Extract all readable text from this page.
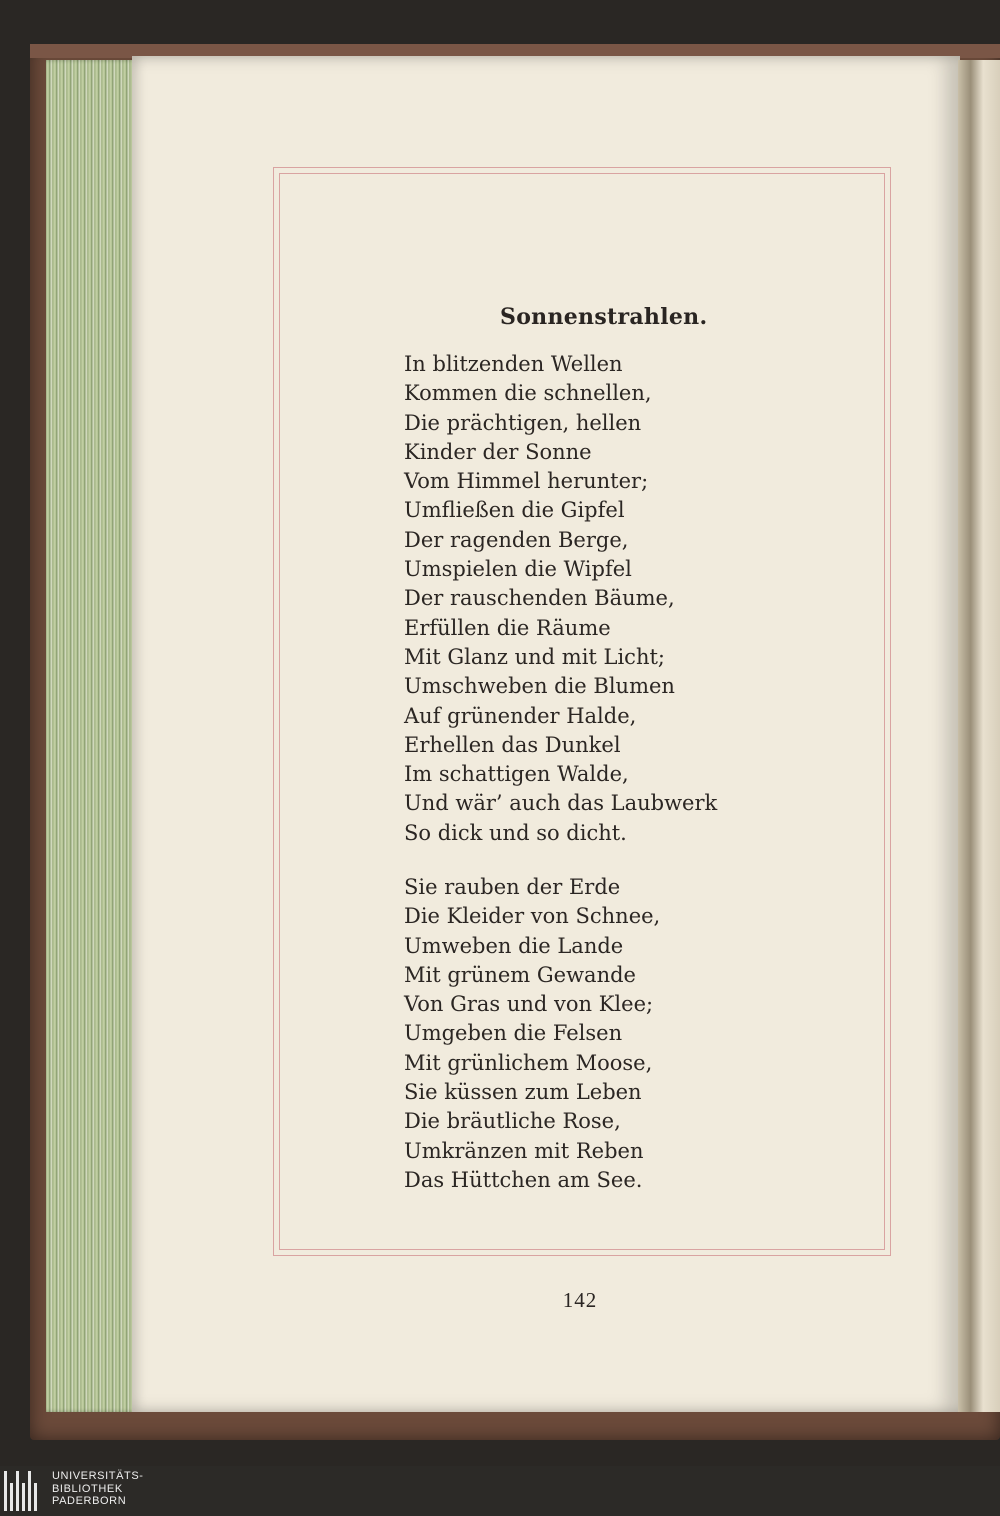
Sonnenstrahlen.
In blitzenden Wellen
Kommen die schnellen,
Die prächtigen, hellen
Kinder der Sonne
Vom Himmel herunter;
Umfließen die Gipfel
Der ragenden Berge,
Umspielen die Wipfel
Der rauschenden Bäume,
Erfüllen die Räume
Mit Glanz und mit Licht;
Umschweben die Blumen
Auf grünender Halde,
Erhellen das Dunkel
Im schattigen Walde,
Und wär’ auch das Laubwerk
So dick und so dicht.
Sie rauben der Erde
Die Kleider von Schnee,
Umweben die Lande
Mit grünem Gewande
Von Gras und von Klee;
Umgeben die Felsen
Mit grünlichem Moose,
Sie küssen zum Leben
Die bräutliche Rose,
Umkränzen mit Reben
Das Hüttchen am See.
142
UNIVERSITÄTS-
BIBLIOTHEK
PADERBORN
